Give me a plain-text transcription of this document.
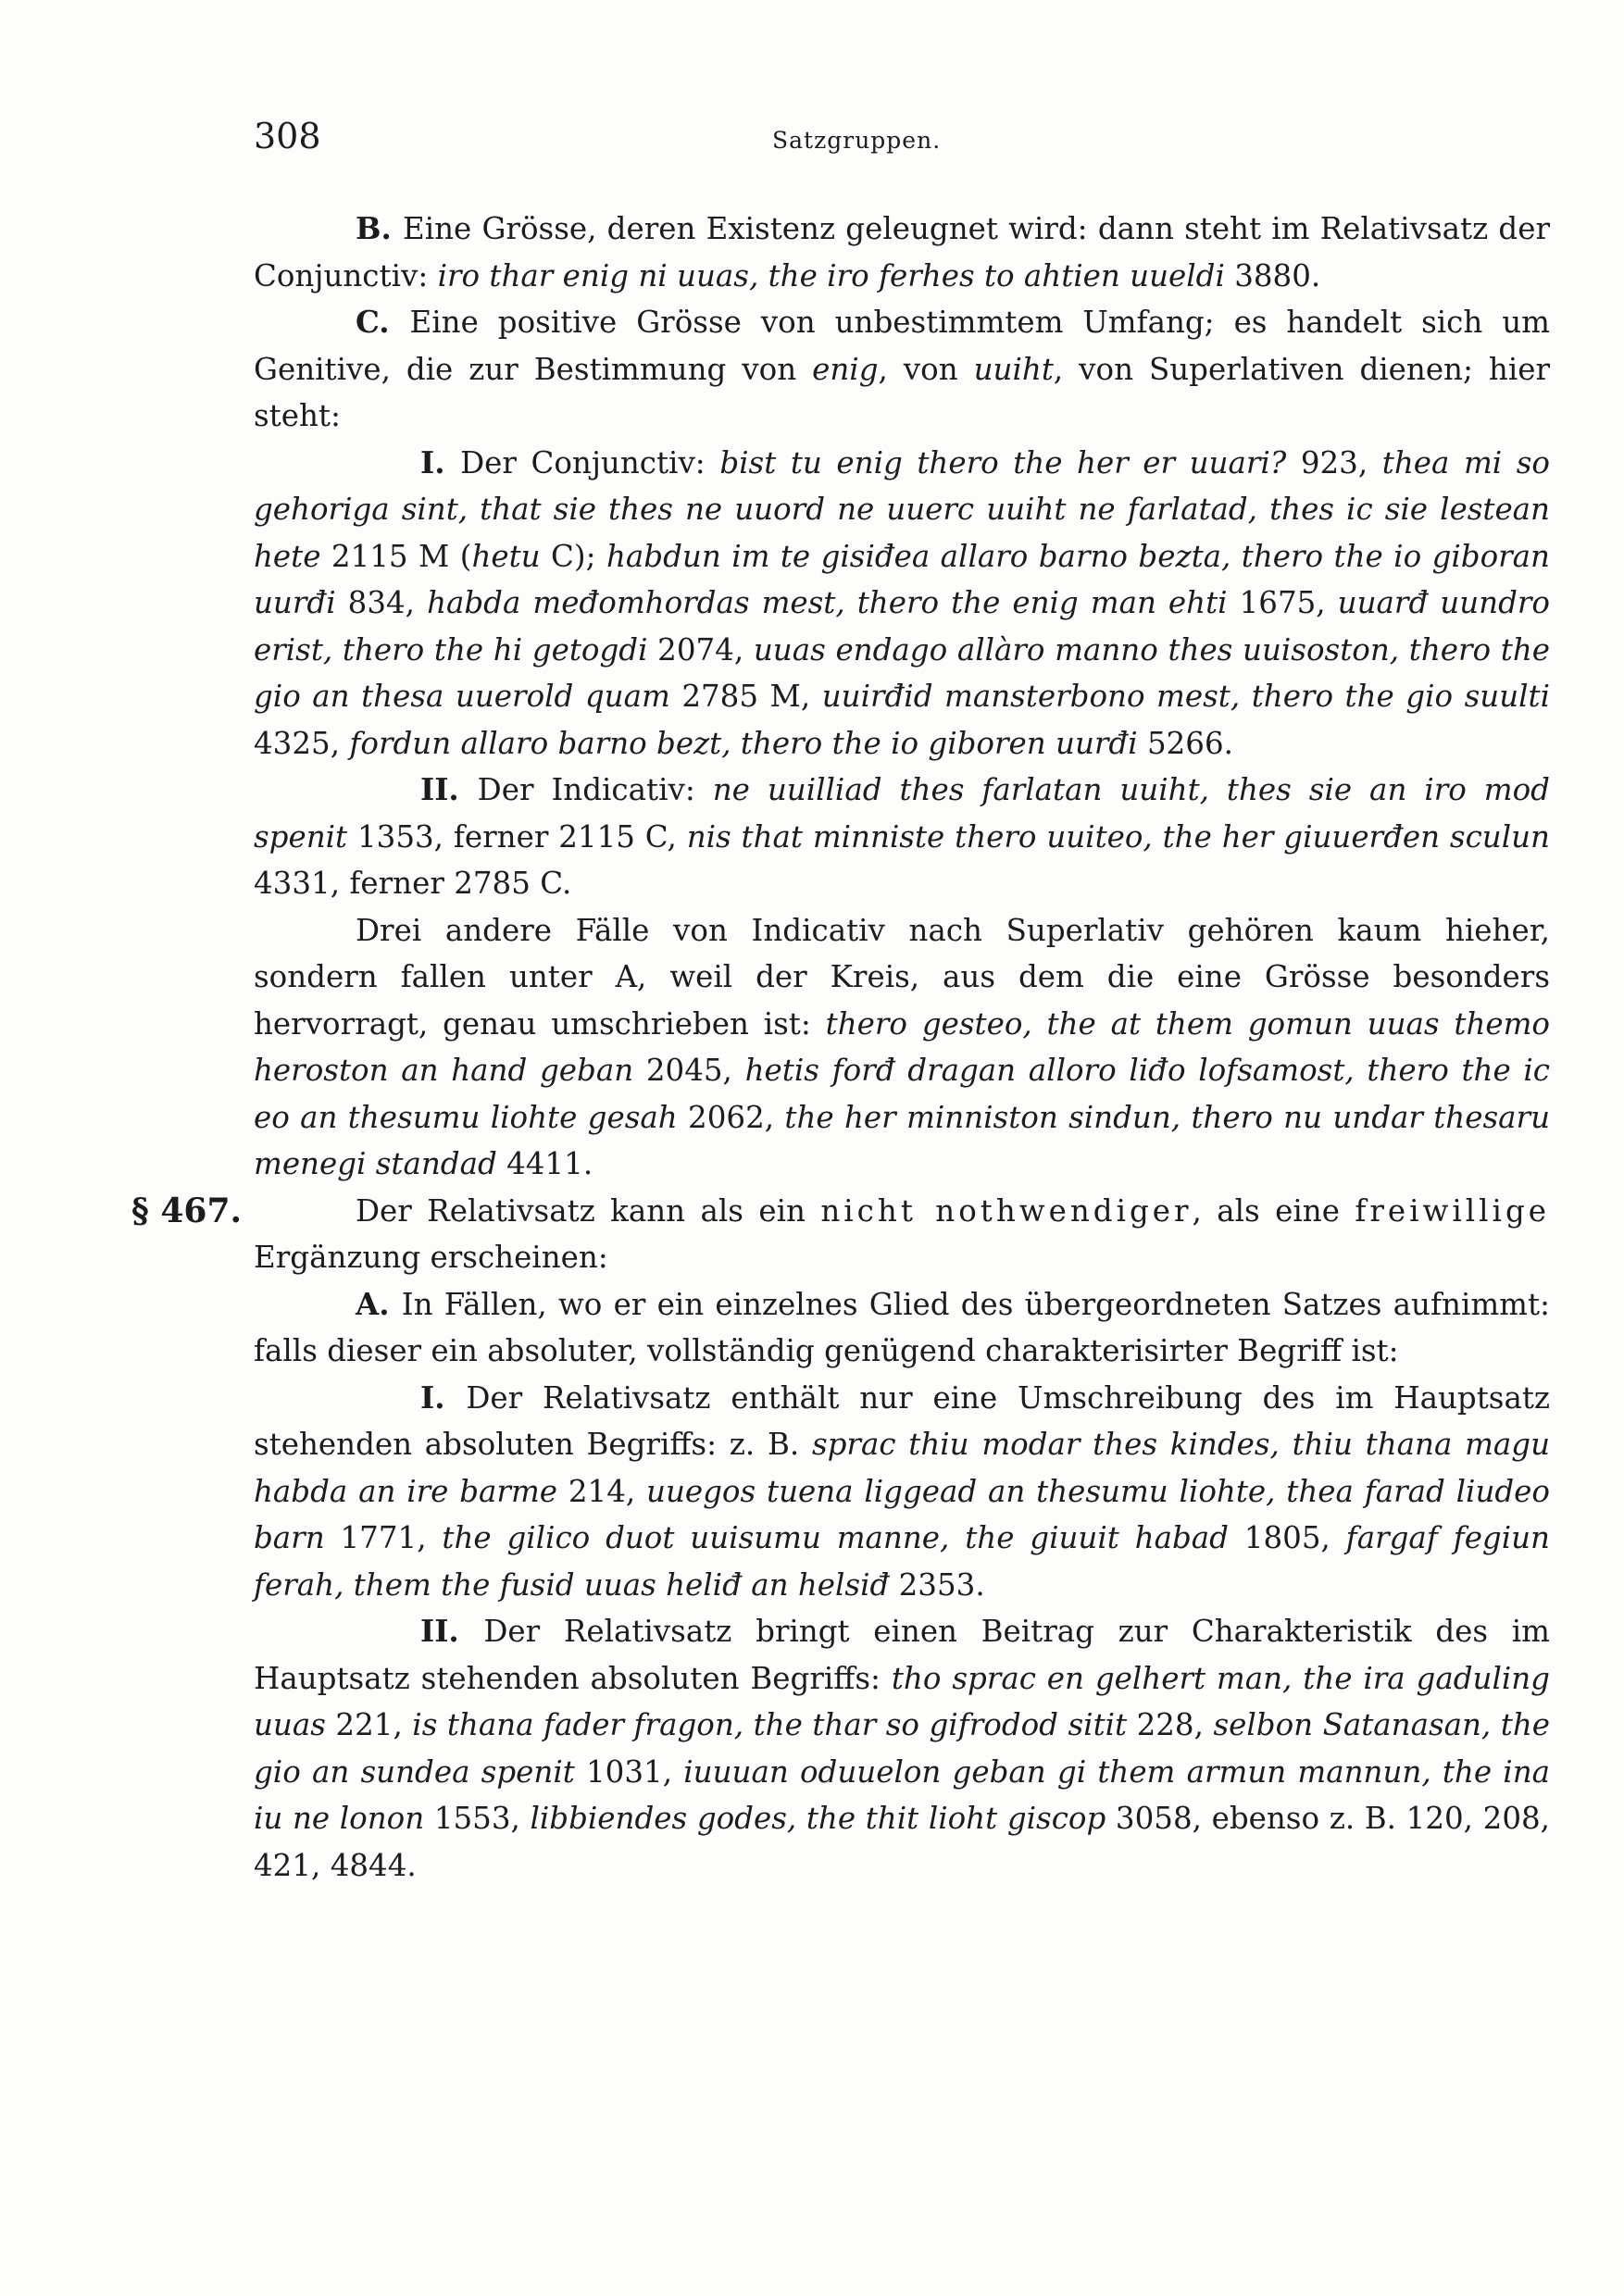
308	Satzgruppen.

B. Eine Grösse, deren Existenz geleugnet wird: dann steht im Relativsatz der Conjunctiv: iro thar enig ni uuas, the iro ferhes to ahtien uueldi 3880.

C. Eine positive Grösse von unbestimmtem Umfang; es handelt sich um Genitive, die zur Bestimmung von enig, von uuiht, von Superlativen dienen; hier steht:

I. Der Conjunctiv: bist tu enig thero the her er uuari? 923, thea mi so gehoriga sint, that sie thes ne uuord ne uuerc uuiht ne farlatad, thes ic sie lestean hete 2115 M (hetu C); habdun im te gisiđea allaro barno bezta, thero the io giboran uurđi 834, habda međomhordas mest, thero the enig man ehti 1675, uuarđ uundro erist, thero the hi getogdi 2074, uuas endago allàro manno thes uuisoston, thero the gio an thesa uuerold quam 2785 M, uuirđid mansterbono mest, thero the gio suulti 4325, fordun allaro barno bezt, thero the io giboren uurđi 5266.

II. Der Indicativ: ne uuilliad thes farlatan uuiht, thes sie an iro mod spenit 1353, ferner 2115 C, nis that minniste thero uuiteo, the her giuuerđen sculun 4331, ferner 2785 C.

Drei andere Fälle von Indicativ nach Superlativ gehören kaum hieher, sondern fallen unter A, weil der Kreis, aus dem die eine Grösse besonders hervorragt, genau umschrieben ist: thero gesteo, the at them gomun uuas themo heroston an hand geban 2045, hetis forđ dragan alloro liđo lofsamost, thero the ic eo an thesumu liohte gesah 2062, the her minniston sindun, thero nu undar thesaru menegi standad 4411.

§ 467.	Der Relativsatz kann als ein nicht nothwendiger, als eine freiwillige Ergänzung erscheinen:

A. In Fällen, wo er ein einzelnes Glied des übergeordneten Satzes aufnimmt: falls dieser ein absoluter, vollständig genügend charakterisirter Begriff ist:

I. Der Relativsatz enthält nur eine Umschreibung des im Hauptsatz stehenden absoluten Begriffs: z. B. sprac thiu modar thes kindes, thiu thana magu habda an ire barme 214, uuegos tuena liggead an thesumu liohte, thea farad liudeo barn 1771, the gilico duot uuisumu manne, the giuuit habad 1805, fargaf fegiun ferah, them the fusid uuas heliđ an helsiđ 2353.

II. Der Relativsatz bringt einen Beitrag zur Charakteristik des im Hauptsatz stehenden absoluten Begriffs: tho sprac en gelhert man, the ira gaduling uuas 221, is thana fader fragon, the thar so gifrodod sitit 228, selbon Satanasan, the gio an sundea spenit 1031, iuuuan oduuelon geban gi them armun mannun, the ina iu ne lonon 1553, libbiendes godes, the thit lioht giscop 3058, ebenso z. B. 120, 208, 421, 4844.
